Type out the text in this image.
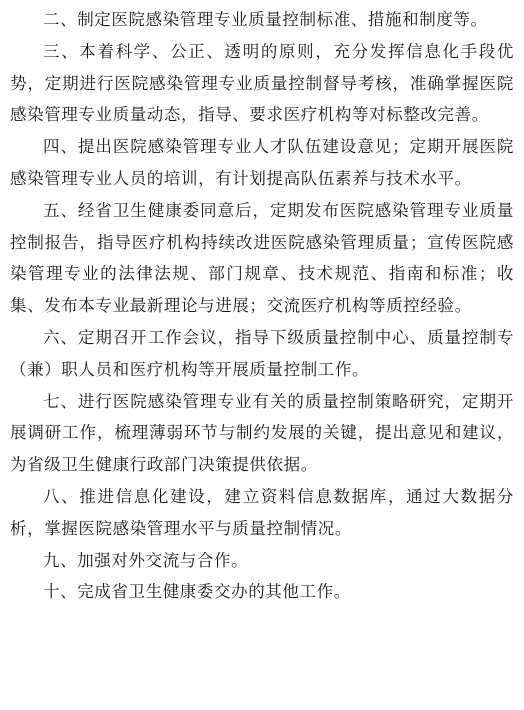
二、制定医院感染管理专业质量控制标准、措施和制度等。

三、本着科学、公正、透明的原则，充分发挥信息化手段优势，定期进行医院感染管理专业质量控制督导考核，准确掌握医院感染管理专业质量动态，指导、要求医疗机构等对标整改完善。

四、提出医院感染管理专业人才队伍建设意见；定期开展医院感染管理专业人员的培训，有计划提高队伍素养与技术水平。

五、经省卫生健康委同意后，定期发布医院感染管理专业质量控制报告，指导医疗机构持续改进医院感染管理质量；宣传医院感染管理专业的法律法规、部门规章、技术规范、指南和标准；收集、发布本专业最新理论与进展；交流医疗机构等质控经验。

六、定期召开工作会议，指导下级质量控制中心、质量控制专（兼）职人员和医疗机构等开展质量控制工作。

七、进行医院感染管理专业有关的质量控制策略研究，定期开展调研工作，梳理薄弱环节与制约发展的关键，提出意见和建议，为省级卫生健康行政部门决策提供依据。

八、推进信息化建设，建立资料信息数据库，通过大数据分析，掌握医院感染管理水平与质量控制情况。

九、加强对外交流与合作。

十、完成省卫生健康委交办的其他工作。
